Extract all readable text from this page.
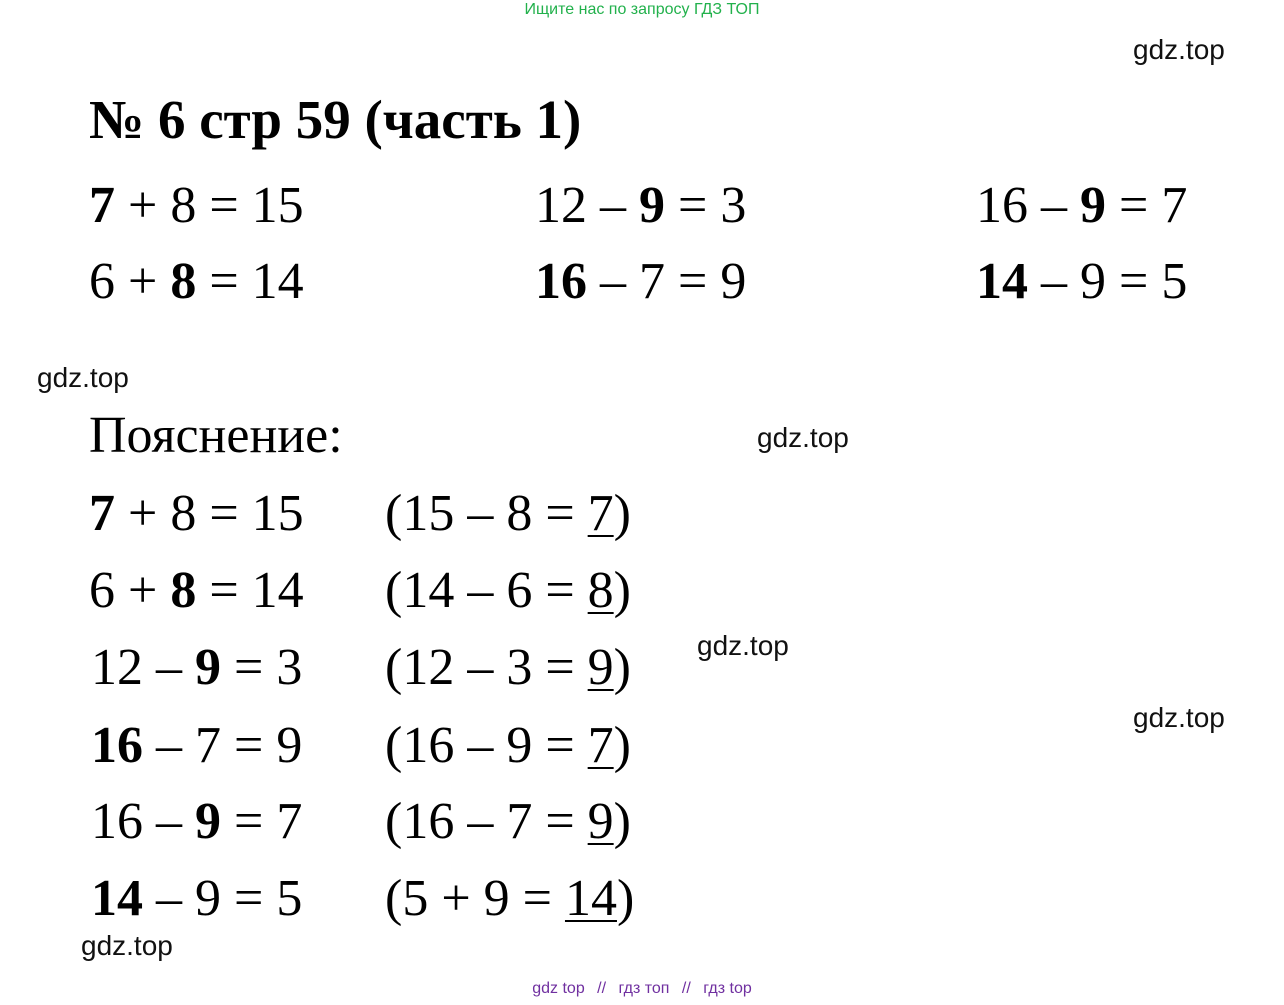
Ищите нас по запросу ГДЗ ТОП
gdz.top
gdz.top
gdz.top
gdz.top
gdz.top
gdz.top
№ 6 стр 59 (часть 1)
7 + 8 = 15	12 – 9 = 3	16 – 9 = 7
6 + 8 = 14	16 – 7 = 9	14 – 9 = 5
Пояснение:
7 + 8 = 15 (15 – 8 = 7)
6 + 8 = 14 (14 – 6 = 8)
12 – 9 = 3 (12 – 3 = 9)
16 – 7 = 9 (16 – 9 = 7)
16 – 9 = 7 (16 – 7 = 9)
14 – 9 = 5 (5 + 9 = 14)
gdz top // гдз топ // гдз top
